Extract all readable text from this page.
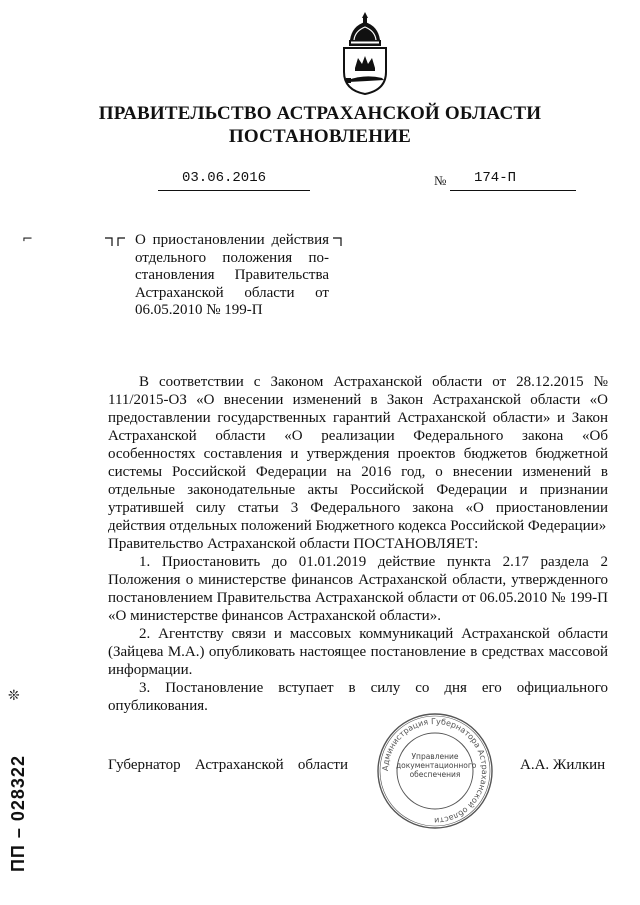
ПРАВИТЕЛЬСТВО АСТРАХАНСКОЙ ОБЛАСТИ
ПОСТАНОВЛЕНИЕ
03.06.2016	№ 174-П
⌐	О приостановлении действия
отдельного положения по-
становления Правительства
Астраханской области от
06.05.2010 № 199-П

В соответствии с Законом Астраханской области от 28.12.2015 № 111/2015-ОЗ «О внесении изменений в Закон Астраханской области «О предоставлении государственных гарантий Астраханской области» и Закон Астраханской области «О реализации Федерального закона «Об особенностях составления и утверждения проектов бюджетов бюджетной системы Российской Федерации на 2016 год, о внесении изменений в отдельные законодательные акты Российской Федерации и признании утратившей силу статьи 3 Федерального закона «О приостановлении действия отдельных положений Бюджетного кодекса Российской Федерации»

Правительство Астраханской области ПОСТАНОВЛЯЕТ:

1. Приостановить до 01.01.2019 действие пункта 2.17 раздела 2 Положения о министерстве финансов Астраханской области, утвержденного постановлением Правительства Астраханской области от 06.05.2010 № 199-П «О министерстве финансов Астраханской области».

2. Агентству связи и массовых коммуникаций Астраханской области (Зайцева М.А.) опубликовать настоящее постановление в средствах массовой информации.

3. Постановление вступает в силу со дня его официального опубликования.

Губернатор Астраханской области	А.А. Жилкин
Администрация Губернатора Астраханской области
Управление
документационного
обеспечения
❊
ПП – 028322
